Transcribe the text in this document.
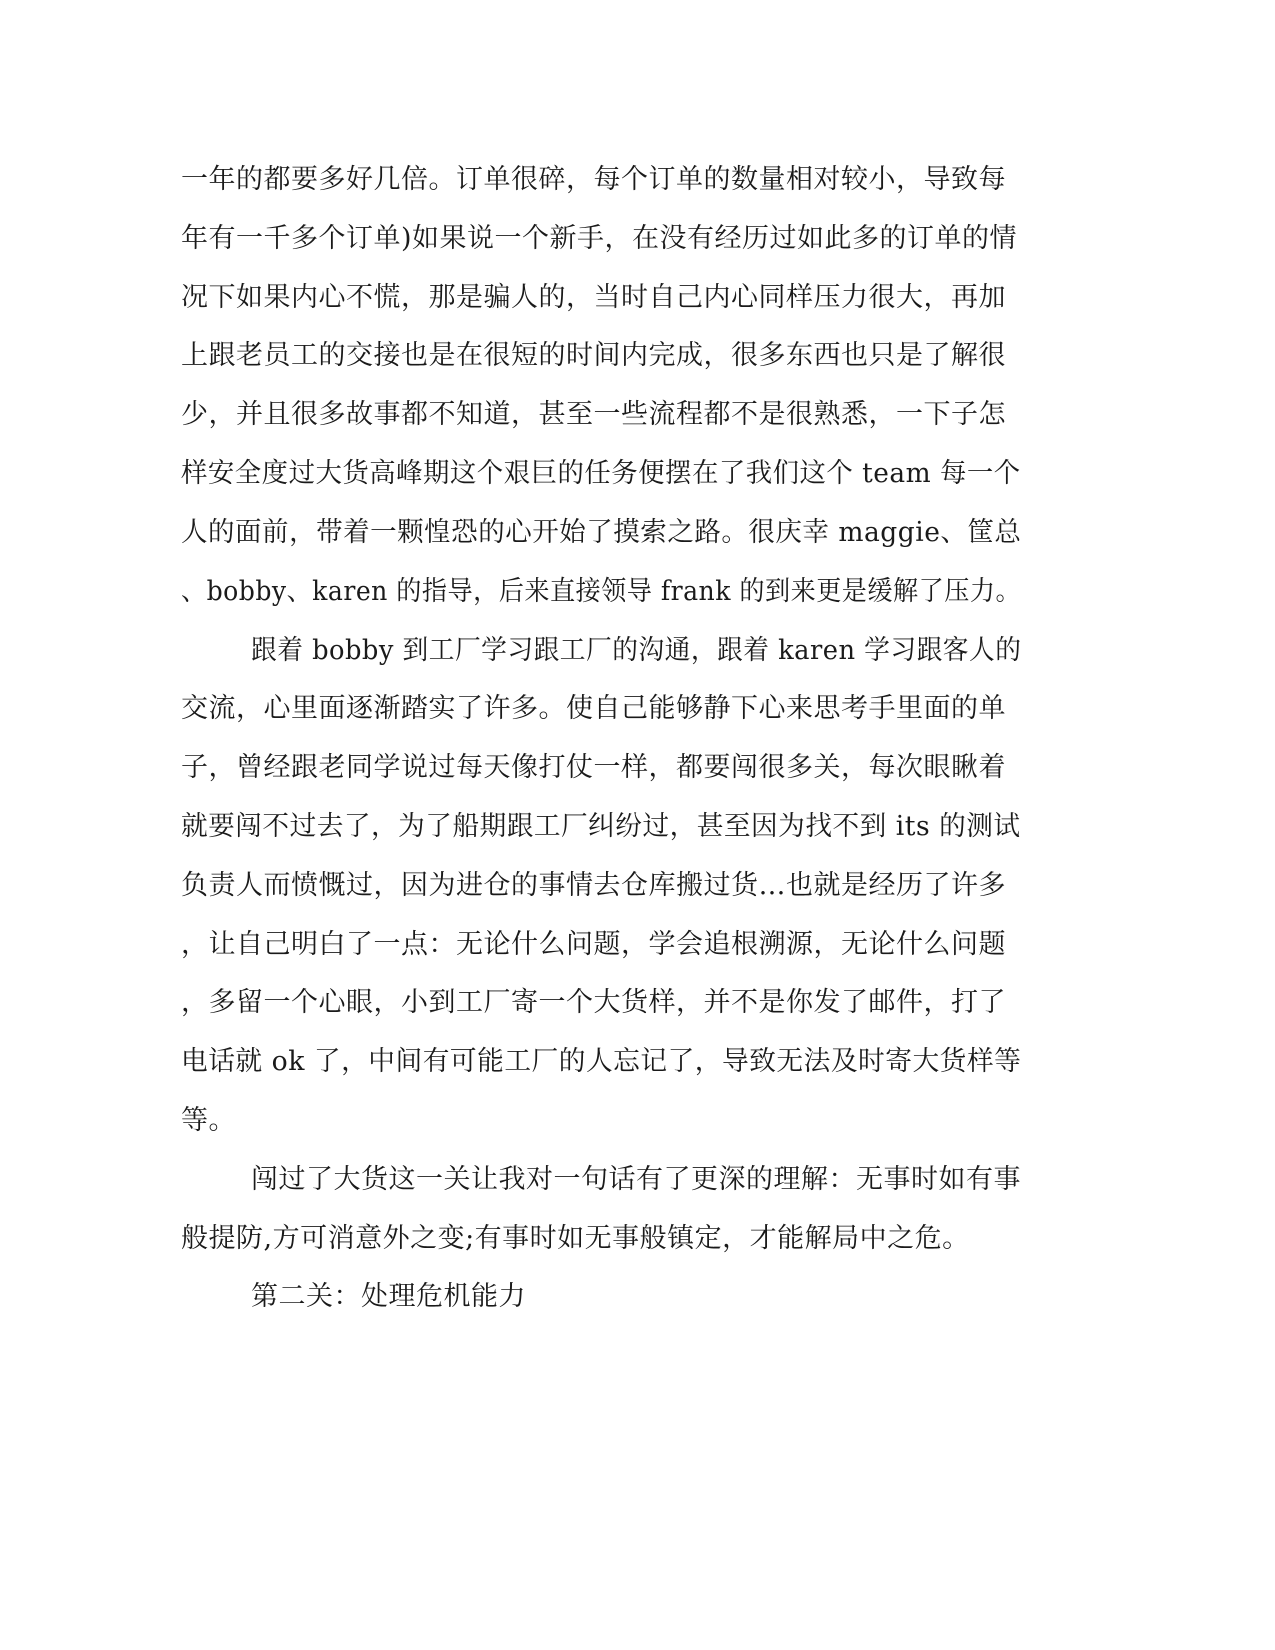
一年的都要多好几倍。订单很碎，每个订单的数量相对较小，导致每
年有一千多个订单)如果说一个新手，在没有经历过如此多的订单的情
况下如果内心不慌，那是骗人的，当时自己内心同样压力很大，再加
上跟老员工的交接也是在很短的时间内完成，很多东西也只是了解很
少，并且很多故事都不知道，甚至一些流程都不是很熟悉，一下子怎
样安全度过大货高峰期这个艰巨的任务便摆在了我们这个 team 每一个
人的面前，带着一颗惶恐的心开始了摸索之路。很庆幸 maggie、筐总
、bobby、karen 的指导，后来直接领导 frank 的到来更是缓解了压力。
跟着 bobby 到工厂学习跟工厂的沟通，跟着 karen 学习跟客人的
交流，心里面逐渐踏实了许多。使自己能够静下心来思考手里面的单
子，曾经跟老同学说过每天像打仗一样，都要闯很多关，每次眼瞅着
就要闯不过去了，为了船期跟工厂纠纷过，甚至因为找不到 its 的测试
负责人而愤慨过，因为进仓的事情去仓库搬过货…也就是经历了许多
，让自己明白了一点：无论什么问题，学会追根溯源，无论什么问题
，多留一个心眼，小到工厂寄一个大货样，并不是你发了邮件，打了
电话就 ok 了，中间有可能工厂的人忘记了，导致无法及时寄大货样等
等。
闯过了大货这一关让我对一句话有了更深的理解：无事时如有事
般提防,方可消意外之变;有事时如无事般镇定，才能解局中之危。
第二关：处理危机能力
